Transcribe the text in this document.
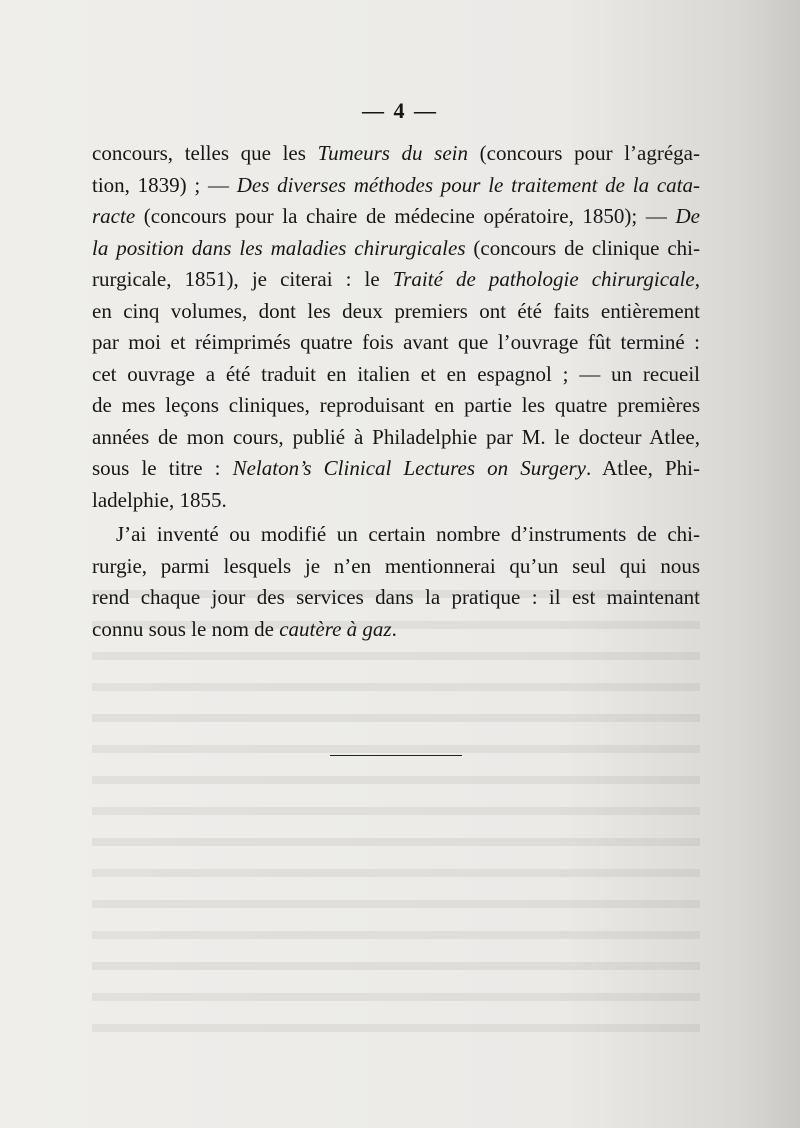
— 4 —
concours, telles que les Tumeurs du sein (concours pour l’agréga-
tion, 1839) ; — Des diverses méthodes pour le traitement de la cata-
racte (concours pour la chaire de médecine opératoire, 1850); — De
la position dans les maladies chirurgicales (concours de clinique chi-
rurgicale, 1851), je citerai : le Traité de pathologie chirurgicale,
en cinq volumes, dont les deux premiers ont été faits entièrement
par moi et réimprimés quatre fois avant que l’ouvrage fût terminé :
cet ouvrage a été traduit en italien et en espagnol ; — un recueil
de mes leçons cliniques, reproduisant en partie les quatre premières
années de mon cours, publié à Philadelphie par M. le docteur Atlee,
sous le titre : Nelaton’s Clinical Lectures on Surgery. Atlee, Phi-
ladelphie, 1855.
J’ai inventé ou modifié un certain nombre d’instruments de chi-
rurgie, parmi lesquels je n’en mentionnerai qu’un seul qui nous
rend chaque jour des services dans la pratique : il est maintenant
connu sous le nom de cautère à gaz.
